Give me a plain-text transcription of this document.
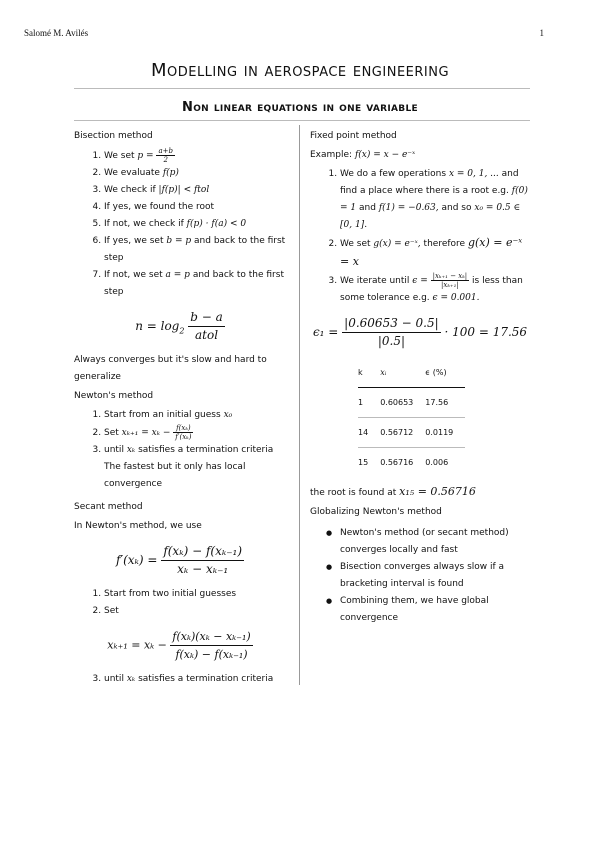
Salomé M. Avilés	1
Modelling in aerospace engineering
Non linear equations in one variable
Bisection method
1. We set $p = \frac{a+b}{2}$
2. We evaluate f(p)
3. We check if |f(p)| < ftol
4. If yes, we found the root
5. If not, we check if f(p) · f(a) < 0
6. If yes, we set b = p and back to the first step
7. If not, we set a = p and back to the first step
$n = \log_2 \frac{b - a}{\text{atol}}$
Always converges but it's slow and hard to generalize
Newton's method
1. Start from an initial guess x₀
2. Set $x_{k+1} = x_k - \frac{\text{f(xₖ)}}{\text{f′(xₖ)}}$
3. until xₖ satisfies a termination criteria The fastest but it only has local convergence
Secant method
In Newton's method, we use
$f'(x_k) = \frac{\text{f(xₖ) − f(xₖ₋₁)}}{\text{xₖ − xₖ₋₁}}$
1. Start from two initial guesses
2. Set
$x_{k+1} = x_k - \frac{\text{f(xₖ)(xₖ − xₖ₋₁)}}{\text{f(xₖ) − f(xₖ₋₁)}}$
3. until xₖ satisfies a termination criteria
Fixed point method
Example: f(x) = x − e⁻ˣ
1. We do a few operations x = 0, 1, ... and find a place where there is a root e.g. f(0) = 1 and f(1) = −0.63, and so x₀ = 0.5 ∈ [0, 1].
2. We set g(x) = e⁻ˣ, therefore g(x) = e⁻ˣ = x
3. We iterate until $\epsilon = \frac{\text{|xₖ₊₁ − xₖ|}}{\text{|xₖ₊₁|}}$ is less than some tolerance e.g. ϵ = 0.001.
$\epsilon_1 = \frac{|0.60653 - 0.5|}{|0.5|} \cdot 100 = 17.56$
k	xᵢ	ϵ (%)
1	0.60653	17.56
14	0.56712	0.0119
15	0.56716	0.006
the root is found at x₁₅ = 0.56716
Globalizing Newton's method
● Newton's method (or secant method) converges locally and fast
● Bisection converges always slow if a bracketing interval is found
● Combining them, we have global convergence
